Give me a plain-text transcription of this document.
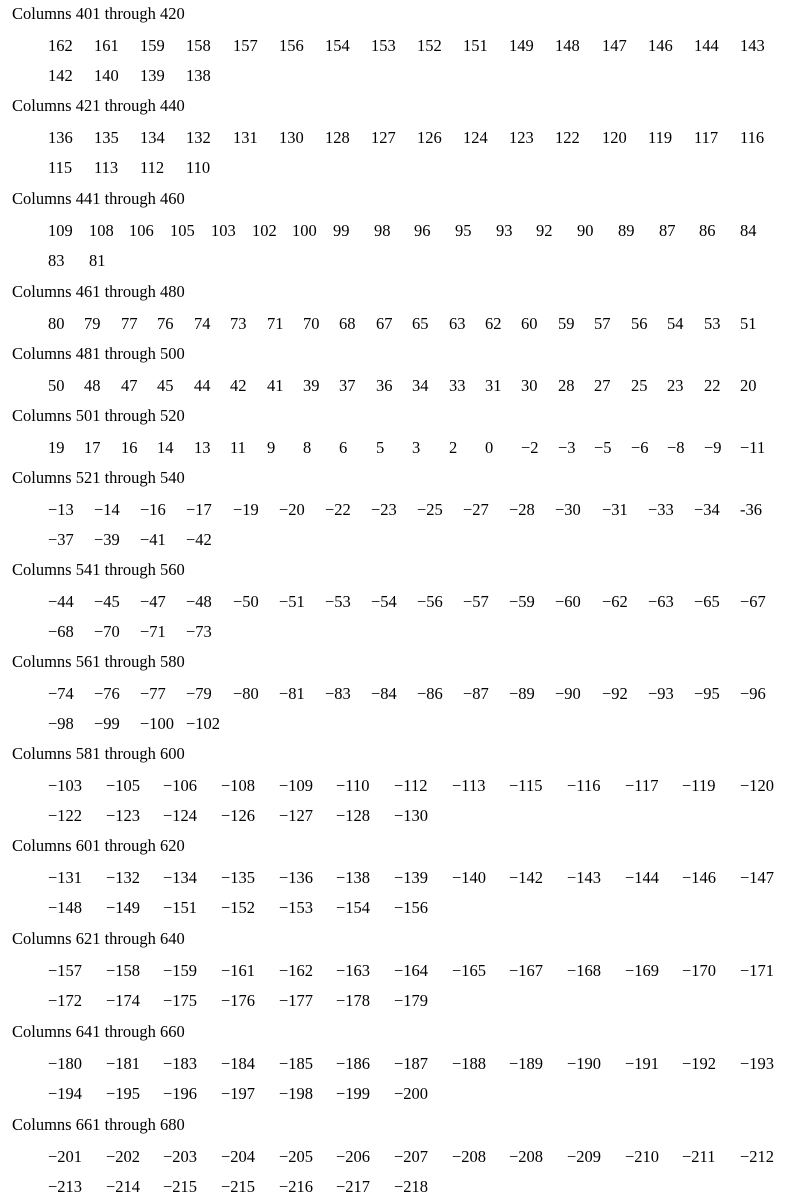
Columns 401 through 420
162 161 159 158 157 156 154 153 152 151 149 148 147 146 144 143
142 140 139 138
Columns 421 through 440
136 135 134 132 131 130 128 127 126 124 123 122 120 119 117 116
115 113 112 110
Columns 441 through 460
109 108 106 105 103 102 100 99 98 96 95 93 92 90 89 87 86 84
83 81
Columns 461 through 480
80 79 77 76 74 73 71 70 68 67 65 63 62 60 59 57 56 54 53 51
Columns 481 through 500
50 48 47 45 44 42 41 39 37 36 34 33 31 30 28 27 25 23 22 20
Columns 501 through 520
19 17 16 14 13 11 9 8 6 5 3 2 0 −2 −3 −5 −6 −8 −9 −11
Columns 521 through 540
−13 −14 −16 −17 −19 −20 −22 −23 −25 −27 −28 −30 −31 −33 −34 -36
−37 −39 −41 −42
Columns 541 through 560
−44 −45 −47 −48 −50 −51 −53 −54 −56 −57 −59 −60 −62 −63 −65 −67
−68 −70 −71 −73
Columns 561 through 580
−74 −76 −77 −79 −80 −81 −83 −84 −86 −87 −89 −90 −92 −93 −95 −96
−98 −99 −100 −102
Columns 581 through 600
−103 −105 −106 −108 −109 −110 −112 −113 −115 −116 −117 −119 −120
−122 −123 −124 −126 −127 −128 −130
Columns 601 through 620
−131 −132 −134 −135 −136 −138 −139 −140 −142 −143 −144 −146 −147
−148 −149 −151 −152 −153 −154 −156
Columns 621 through 640
−157 −158 −159 −161 −162 −163 −164 −165 −167 −168 −169 −170 −171
−172 −174 −175 −176 −177 −178 −179
Columns 641 through 660
−180 −181 −183 −184 −185 −186 −187 −188 −189 −190 −191 −192 −193
−194 −195 −196 −197 −198 −199 −200
Columns 661 through 680
−201 −202 −203 −204 −205 −206 −207 −208 −208 −209 −210 −211 −212
−213 −214 −215 −215 −216 −217 −218
